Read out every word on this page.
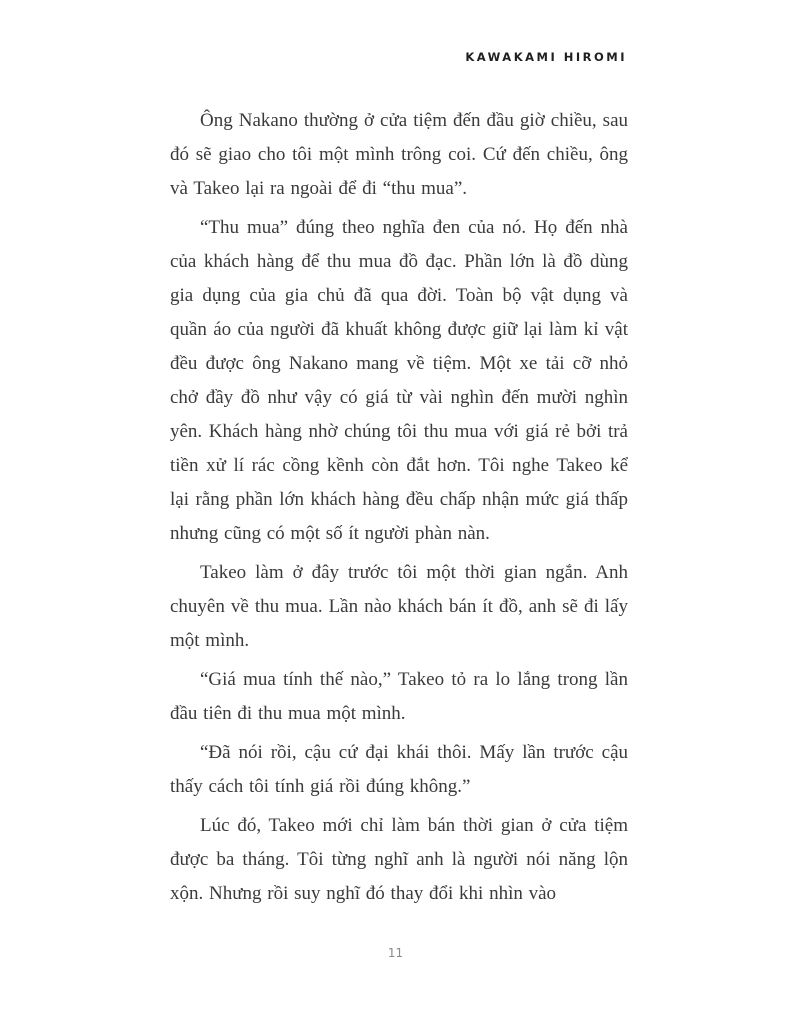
KAWAKAMI HIROMI

Ông Nakano thường ở cửa tiệm đến đầu giờ chiều, sau đó sẽ giao cho tôi một mình trông coi. Cứ đến chiều, ông và Takeo lại ra ngoài để đi “thu mua”.

“Thu mua” đúng theo nghĩa đen của nó. Họ đến nhà của khách hàng để thu mua đồ đạc. Phần lớn là đồ dùng gia dụng của gia chủ đã qua đời. Toàn bộ vật dụng và quần áo của người đã khuất không được giữ lại làm kỉ vật đều được ông Nakano mang về tiệm. Một xe tải cỡ nhỏ chở đầy đồ như vậy có giá từ vài nghìn đến mười nghìn yên. Khách hàng nhờ chúng tôi thu mua với giá rẻ bởi trả tiền xử lí rác cồng kềnh còn đắt hơn. Tôi nghe Takeo kể lại rằng phần lớn khách hàng đều chấp nhận mức giá thấp nhưng cũng có một số ít người phàn nàn.

Takeo làm ở đây trước tôi một thời gian ngắn. Anh chuyên về thu mua. Lần nào khách bán ít đồ, anh sẽ đi lấy một mình.

“Giá mua tính thế nào,” Takeo tỏ ra lo lắng trong lần đầu tiên đi thu mua một mình.

“Đã nói rồi, cậu cứ đại khái thôi. Mấy lần trước cậu thấy cách tôi tính giá rồi đúng không.”

Lúc đó, Takeo mới chỉ làm bán thời gian ở cửa tiệm được ba tháng. Tôi từng nghĩ anh là người nói năng lộn xộn. Nhưng rồi suy nghĩ đó thay đổi khi nhìn vào

11
